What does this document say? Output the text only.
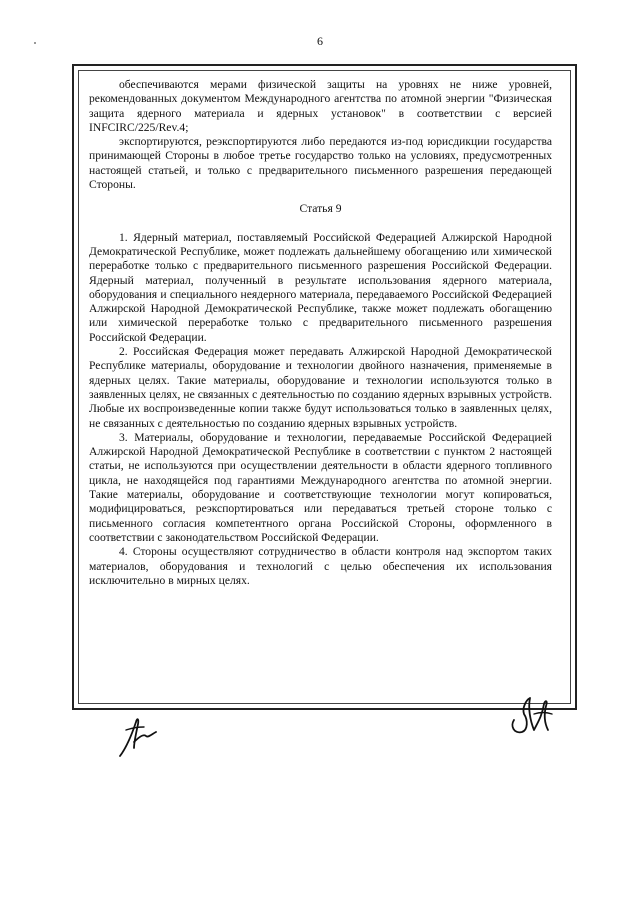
6

обеспечиваются мерами физической защиты на уровнях не ниже уровней, рекомендованных документом Международного агентства по атомной энергии "Физическая защита ядерного материала и ядерных установок" в соответствии с версией INFCIRC/225/Rev.4;

экспортируются, реэкспортируются либо передаются из-под юрисдикции государства принимающей Стороны в любое третье государство только на условиях, предусмотренных настоящей статьей, и только с предварительного письменного разрешения передающей Стороны.

Статья 9

1. Ядерный материал, поставляемый Российской Федерацией Алжирской Народной Демократической Республике, может подлежать дальнейшему обогащению или химической переработке только с предварительного письменного разрешения Российской Федерации. Ядерный материал, полученный в результате использования ядерного материала, оборудования и специального неядерного материала, передаваемого Российской Федерацией Алжирской Народной Демократической Республике, также может подлежать обогащению или химической переработке только с предварительного письменного разрешения Российской Федерации.

2. Российская Федерация может передавать Алжирской Народной Демократической Республике материалы, оборудование и технологии двойного назначения, применяемые в ядерных целях. Такие материалы, оборудование и технологии используются только в заявленных целях, не связанных с деятельностью по созданию ядерных взрывных устройств. Любые их воспроизведенные копии также будут использоваться только в заявленных целях, не связанных с деятельностью по созданию ядерных взрывных устройств.

3. Материалы, оборудование и технологии, передаваемые Российской Федерацией Алжирской Народной Демократической Республике в соответствии с пунктом 2 настоящей статьи, не используются при осуществлении деятельности в области ядерного топливного цикла, не находящейся под гарантиями Международного агентства по атомной энергии. Такие материалы, оборудование и соответствующие технологии могут копироваться, модифицироваться, реэкспортироваться или передаваться третьей стороне только с письменного согласия компетентного органа Российской Стороны, оформленного в соответствии с законодательством Российской Федерации.

4. Стороны осуществляют сотрудничество в области контроля над экспортом таких материалов, оборудования и технологий с целью обеспечения их использования исключительно в мирных целях.
